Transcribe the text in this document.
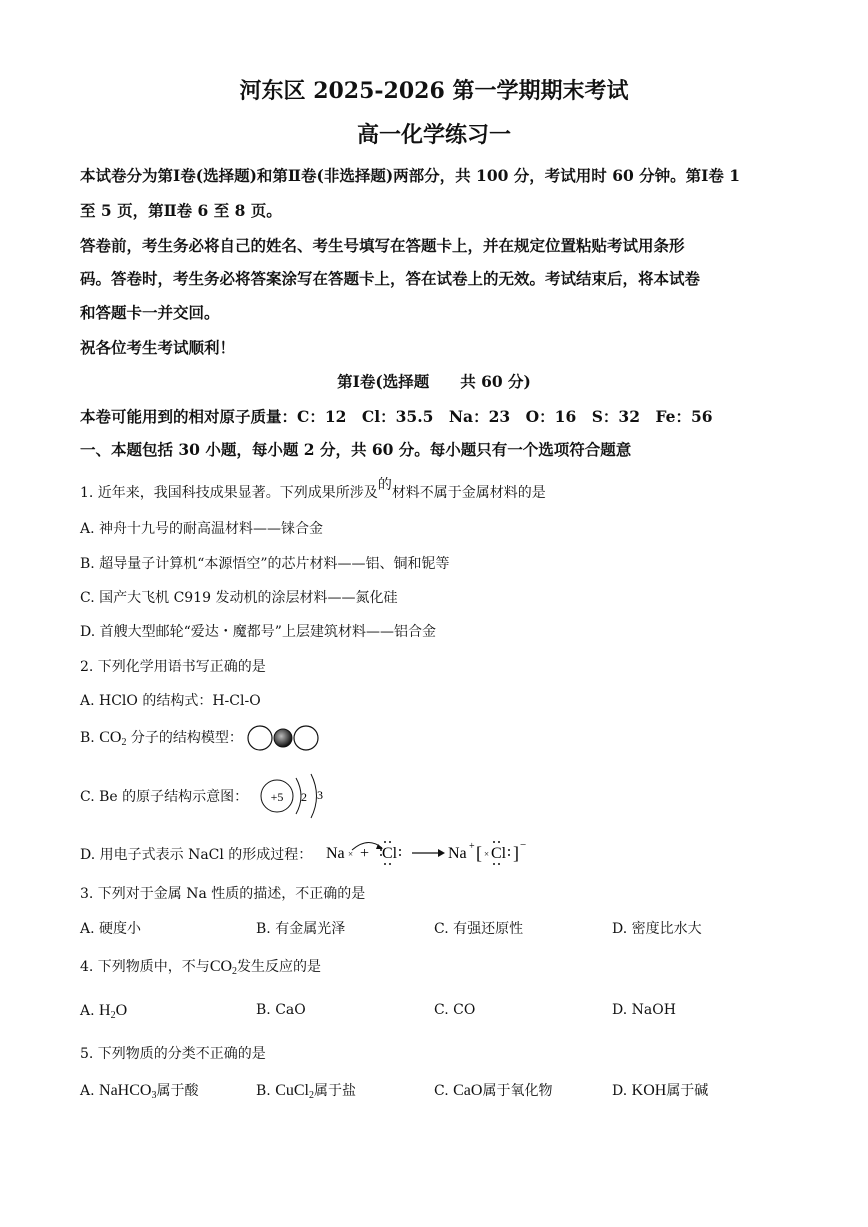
河东区 2025-2026 第一学期期末考试
高一化学练习一
本试卷分为第Ⅰ卷(选择题)和第Ⅱ卷(非选择题)两部分，共 100 分，考试用时 60 分钟。第Ⅰ卷 1
至 5 页，第Ⅱ卷 6 至 8 页。
答卷前，考生务必将自己的姓名、考生号填写在答题卡上，并在规定位置粘贴考试用条形
码。答卷时，考生务必将答案涂写在答题卡上，答在试卷上的无效。考试结束后，将本试卷
和答题卡一并交回。
祝各位考生考试顺利！
第Ⅰ卷(选择题　　共 60 分)
本卷可能用到的相对原子质量：C：12　Cl：35.5　Na：23　O：16　S：32　Fe：56
一、本题包括 30 小题，每小题 2 分，共 60 分。每小题只有一个选项符合题意
1. 近年来，我国科技成果显著。下列成果所涉及的材料不属于金属材料的是
A. 神舟十九号的耐高温材料——铼合金
B. 超导量子计算机“本源悟空”的芯片材料——铝、铜和铌等
C. 国产大飞机 C919 发动机的涂层材料——氮化硅
D. 首艘大型邮轮“爱达・魔都号”上层建筑材料——铝合金
2. 下列化学用语书写正确的是
A. HClO 的结构式：H-Cl-O
B. $CO_2$ 分子的结构模型：
C. Be 的原子结构示意图： +5 2 3
D. 用电子式表示 NaCl 的形成过程： Na × + Cl	Na + [ × Cl ] −
3. 下列对于金属 Na 性质的描述，不正确的是
A. 硬度小	B. 有金属光泽	C. 有强还原性	D. 密度比水大
4. 下列物质中，不与$CO_2$发生反应的是
A. $H_2O$	B. CaO	C. CO	D. NaOH
5. 下列物质的分类不正确的是
A. NaHCO$_3$属于酸	B. CuCl$_2$属于盐	C. CaO属于氧化物	D. KOH属于碱
